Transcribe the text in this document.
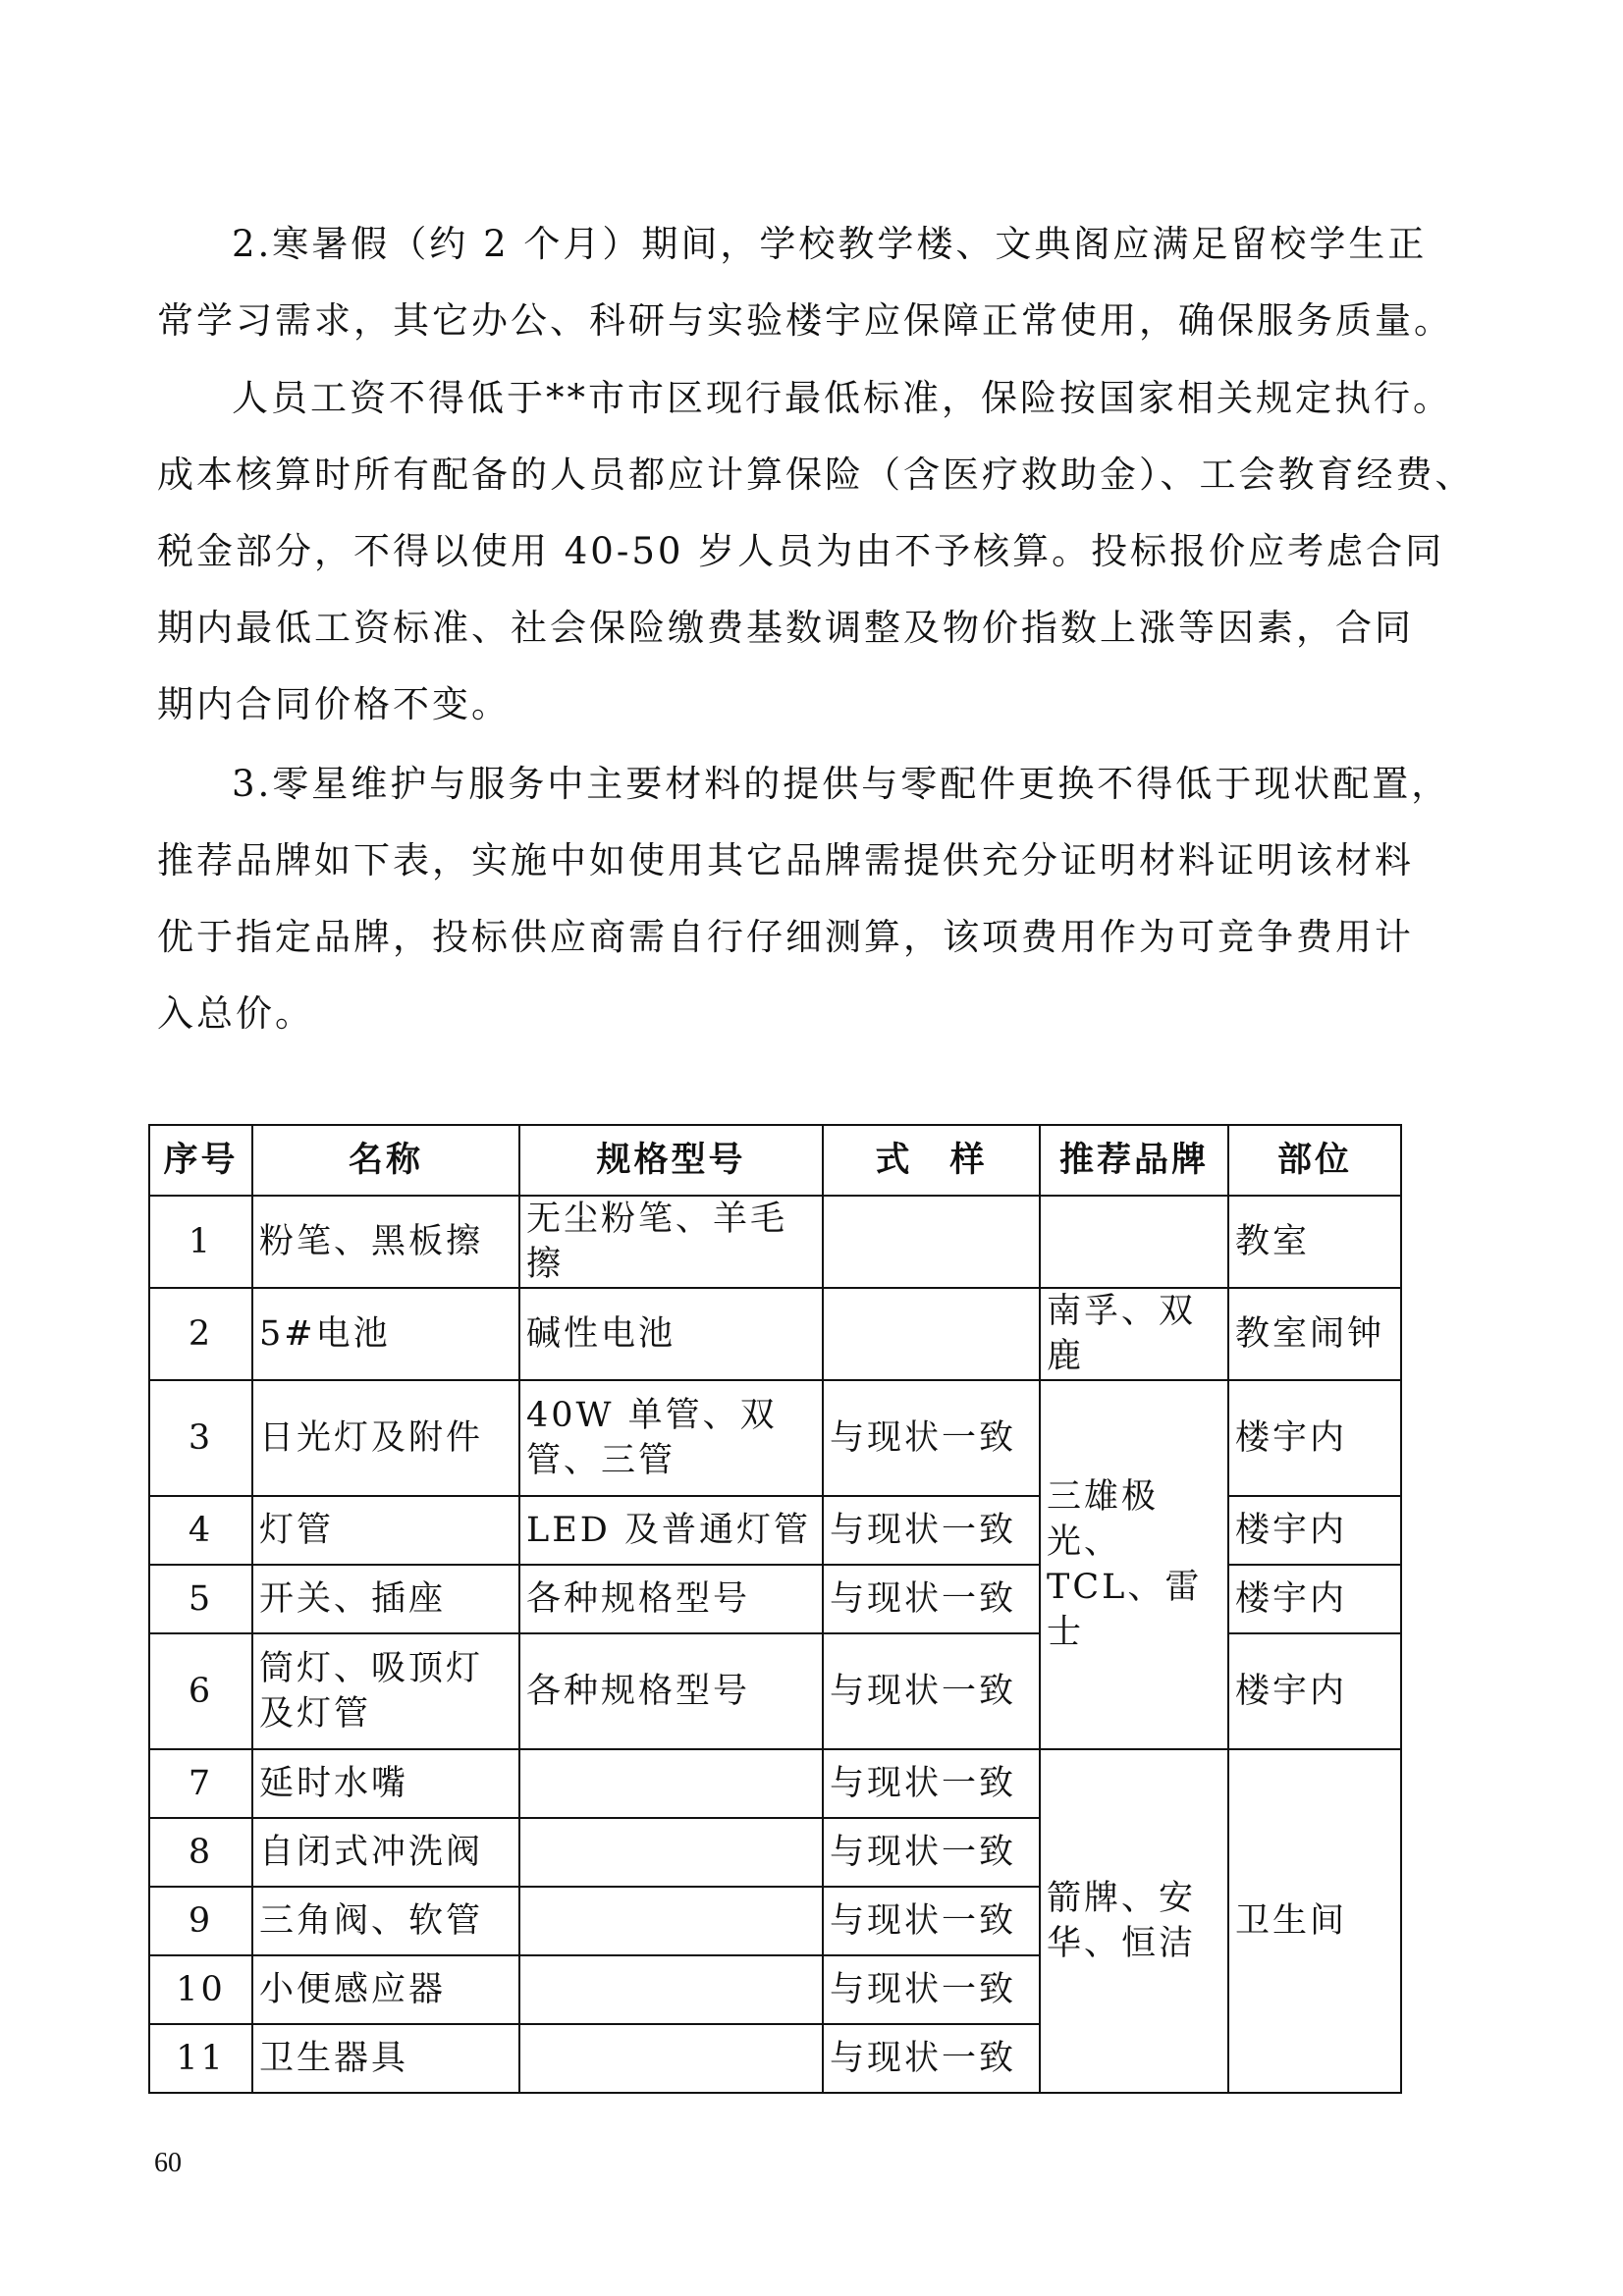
2.寒暑假（约 2 个月）期间，学校教学楼、文典阁应满足留校学生正
常学习需求，其它办公、科研与实验楼宇应保障正常使用，确保服务质量。

人员工资不得低于**市市区现行最低标准，保险按国家相关规定执行。
成本核算时所有配备的人员都应计算保险（含医疗救助金）、工会教育经费、
税金部分，不得以使用 40-50 岁人员为由不予核算。投标报价应考虑合同
期内最低工资标准、社会保险缴费基数调整及物价指数上涨等因素，合同
期内合同价格不变。

3.零星维护与服务中主要材料的提供与零配件更换不得低于现状配置，
推荐品牌如下表，实施中如使用其它品牌需提供充分证明材料证明该材料
优于指定品牌，投标供应商需自行仔细测算，该项费用作为可竞争费用计
入总价。

序号	名称	规格型号	式　样	推荐品牌	部位
1	粉笔、黑板擦	无尘粉笔、羊毛擦			教室
2	5#电池	碱性电池		南孚、双鹿	教室闹钟
3	日光灯及附件	40W 单管、双管、三管	与现状一致	三雄极光、TCL、雷士	楼宇内
4	灯管	LED 及普通灯管	与现状一致		楼宇内
5	开关、插座	各种规格型号	与现状一致		楼宇内
6	筒灯、吸顶灯及灯管	各种规格型号	与现状一致		楼宇内
7	延时水嘴		与现状一致	箭牌、安华、恒洁	卫生间
8	自闭式冲洗阀		与现状一致		
9	三角阀、软管		与现状一致		
10	小便感应器		与现状一致		
11	卫生器具		与现状一致		
60
